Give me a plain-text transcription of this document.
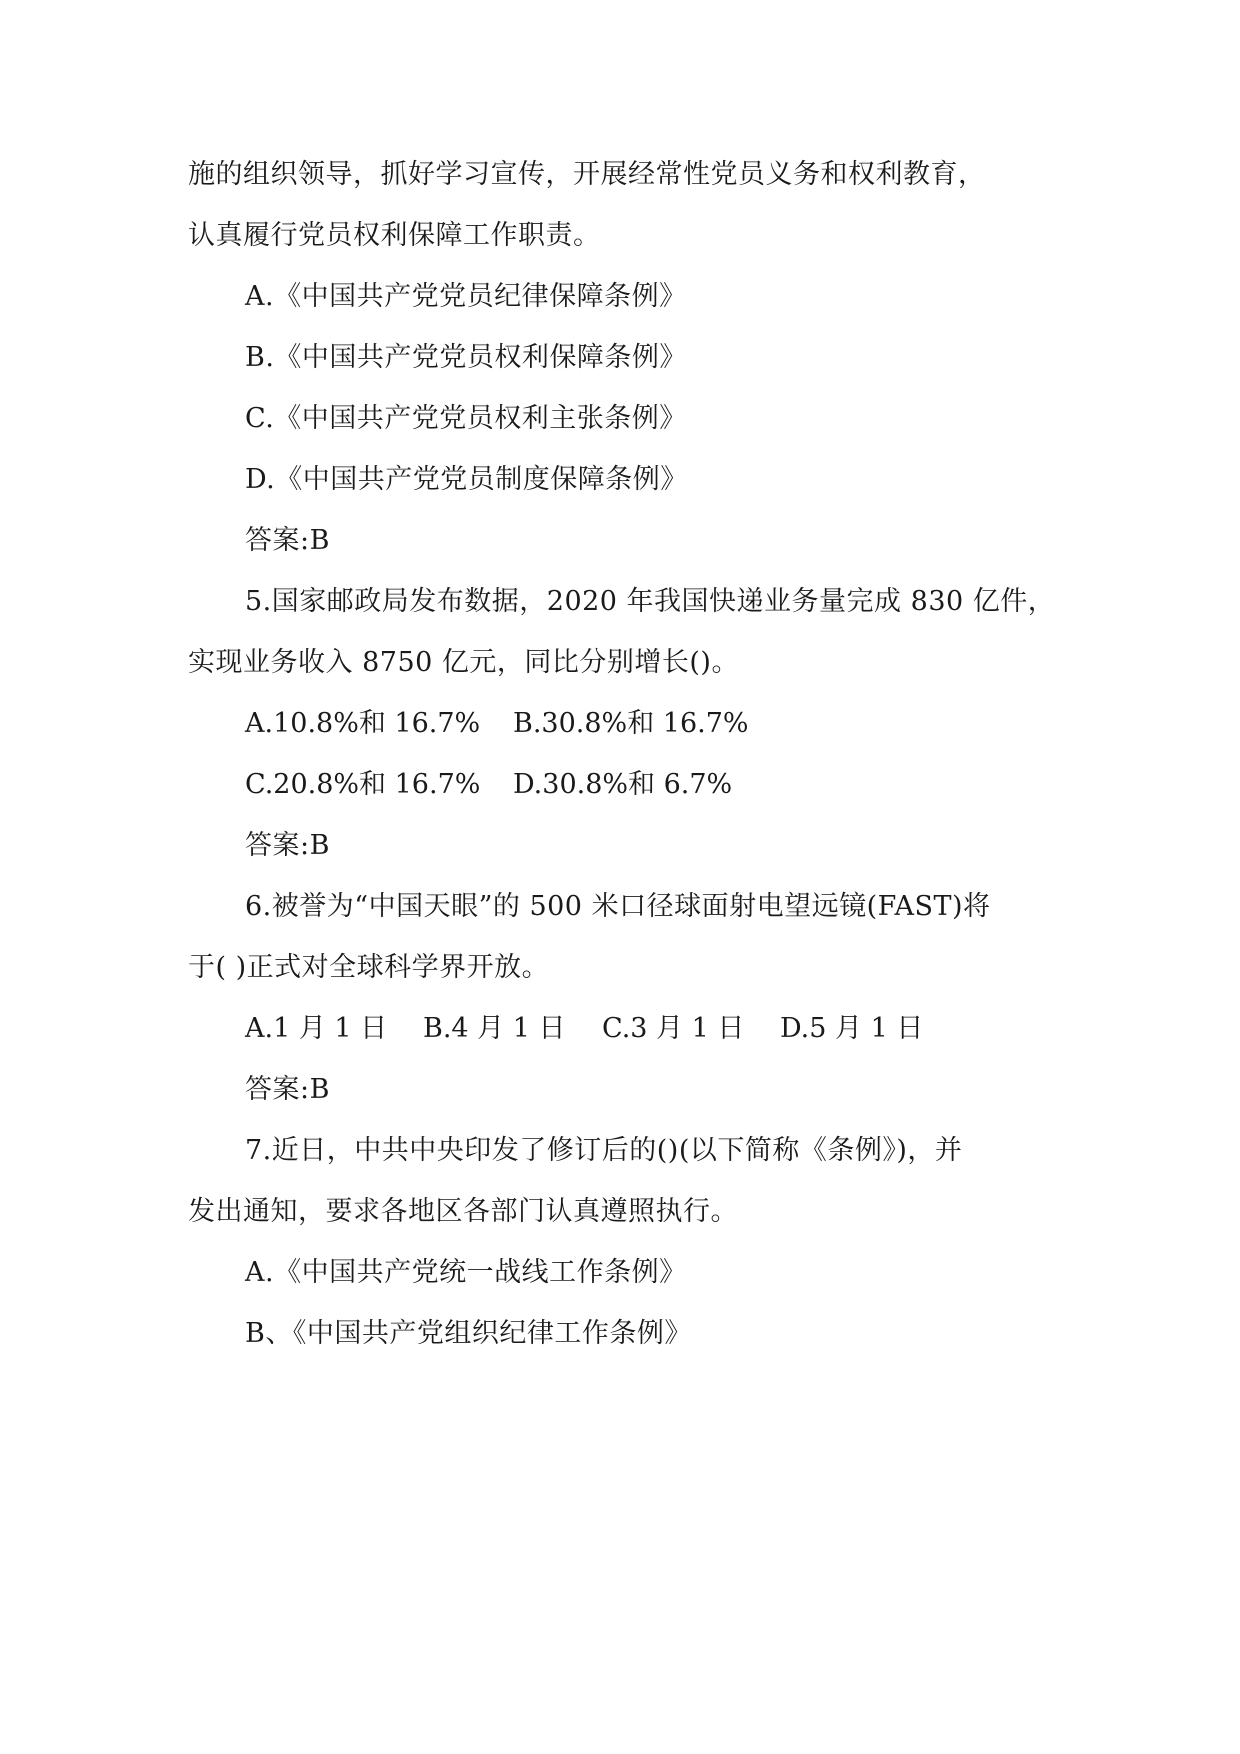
施的组织领导，抓好学习宣传，开展经常性党员义务和权利教育，
认真履行党员权利保障工作职责。
A.《中国共产党党员纪律保障条例》
B.《中国共产党党员权利保障条例》
C.《中国共产党党员权利主张条例》
D.《中国共产党党员制度保障条例》
答案:B
5.国家邮政局发布数据，2020 年我国快递业务量完成 830 亿件，
实现业务收入 8750 亿元，同比分别增长()。
A.10.8%和 16.7% B.30.8%和 16.7%
C.20.8%和 16.7% D.30.8%和 6.7%
答案:B
6.被誉为“中国天眼”的 500 米口径球面射电望远镜(FAST)将
于( )正式对全球科学界开放。
A.1 月 1 日 B.4 月 1 日 C.3 月 1 日 D.5 月 1 日
答案:B
7.近日，中共中央印发了修订后的()(以下简称《条例》)，并
发出通知，要求各地区各部门认真遵照执行。
A.《中国共产党统一战线工作条例》
B、《中国共产党组织纪律工作条例》
